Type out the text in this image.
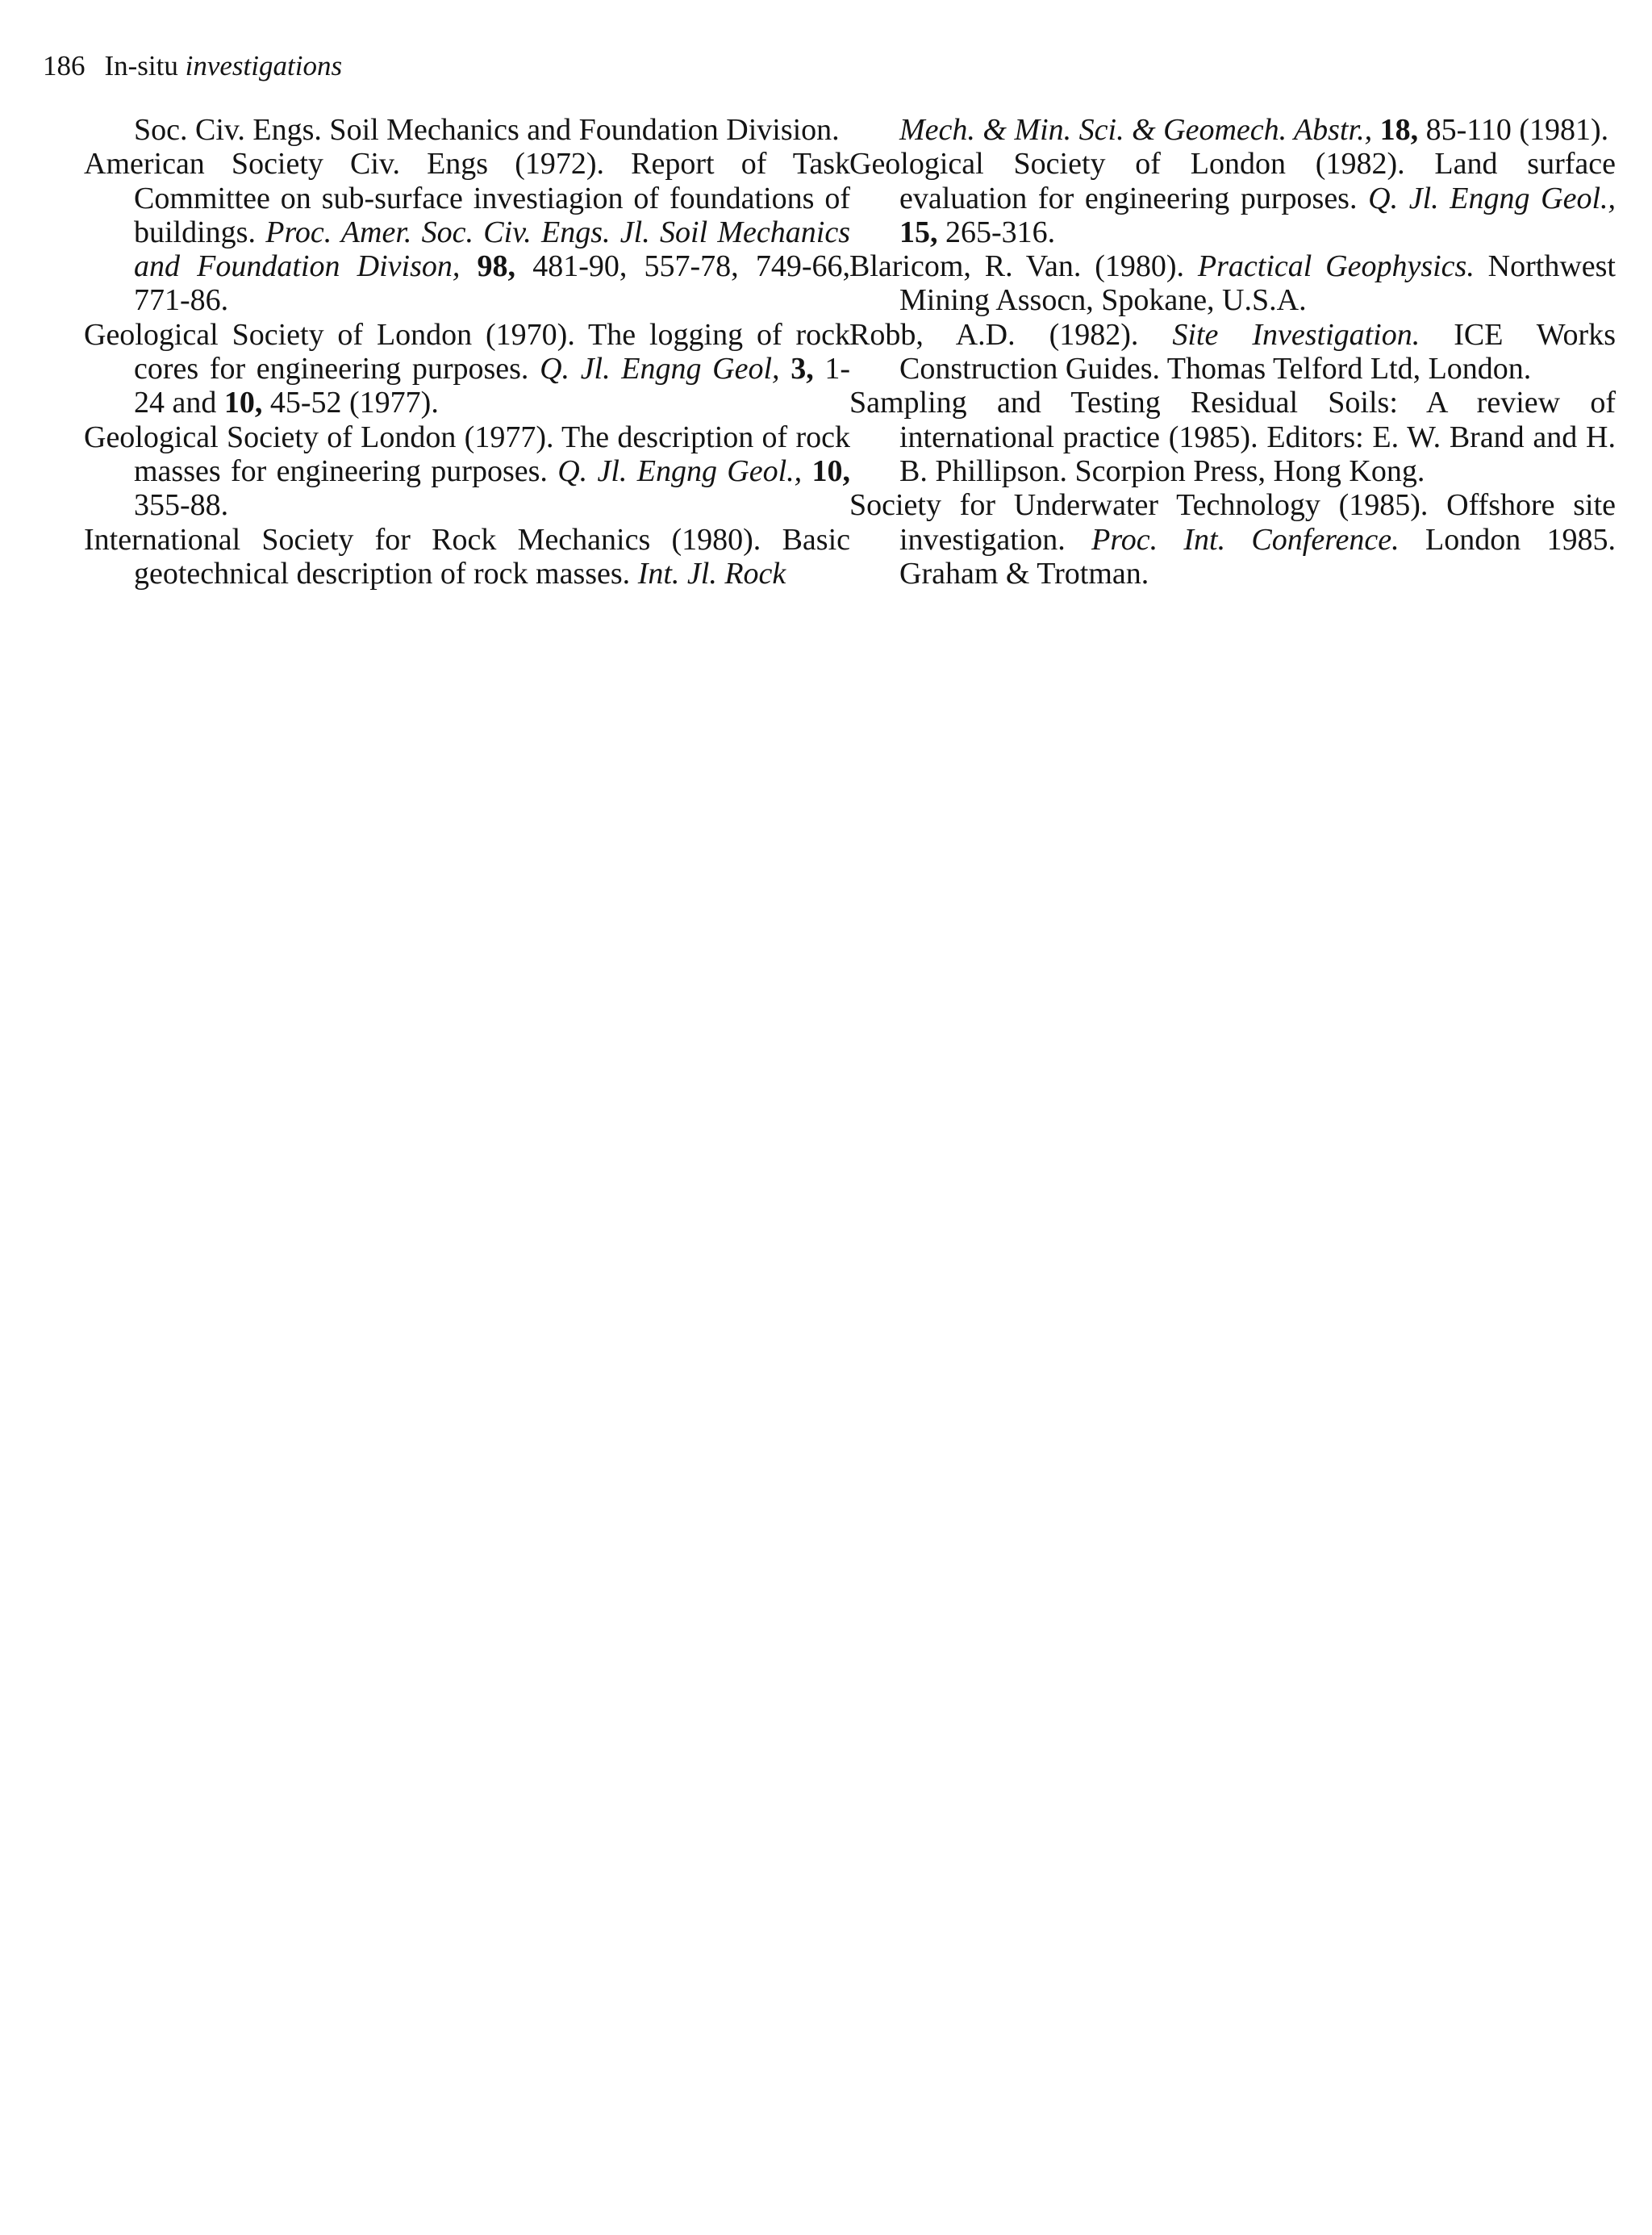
186 In-situ investigations

Soc. Civ. Engs. Soil Mechanics and Foundation Division.

American Society Civ. Engs (1972). Report of Task Committee on sub-surface investiagion of foundations of buildings. Proc. Amer. Soc. Civ. Engs. Jl. Soil Mechanics and Foundation Divison, 98, 481-90, 557-78, 749-66, 771-86.

Geological Society of London (1970). The logging of rock cores for engineering purposes. Q. Jl. Engng Geol, 3, 1-24 and 10, 45-52 (1977).

Geological Society of London (1977). The description of rock masses for engineering purposes. Q. Jl. Engng Geol., 10, 355-88.

International Society for Rock Mechanics (1980). Basic geotechnical description of rock masses. Int. Jl. Rock

Mech. & Min. Sci. & Geomech. Abstr., 18, 85-110 (1981).

Geological Society of London (1982). Land surface evaluation for engineering purposes. Q. Jl. Engng Geol., 15, 265-316.

Blaricom, R. Van. (1980). Practical Geophysics. Northwest Mining Assocn, Spokane, U.S.A.

Robb, A.D. (1982). Site Investigation. ICE Works Construction Guides. Thomas Telford Ltd, London.

Sampling and Testing Residual Soils: A review of international practice (1985). Editors: E. W. Brand and H. B. Phillipson. Scorpion Press, Hong Kong.

Society for Underwater Technology (1985). Offshore site investigation. Proc. Int. Conference. London 1985. Graham & Trotman.
